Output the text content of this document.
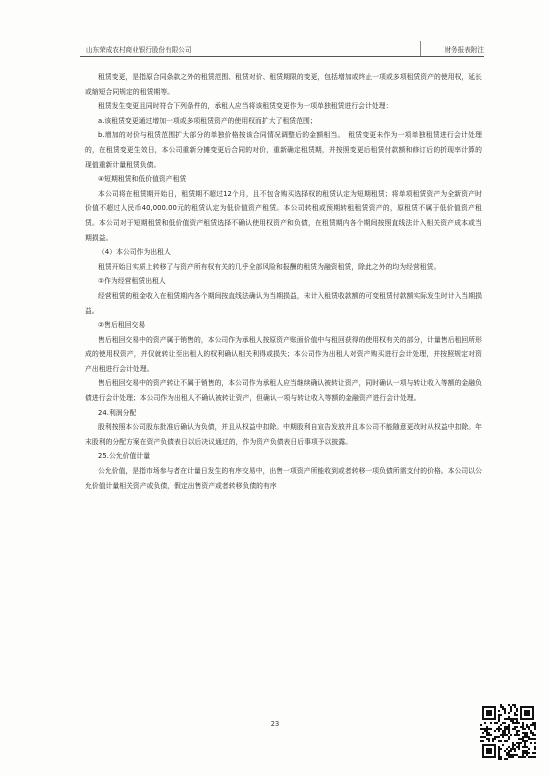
山东荣成农村商业银行股份有限公司	财务报表附注

租赁变更，是指原合同条款之外的租赁范围、租赁对价、租赁期限的变更，包括增加或终止一项或多项租赁资产的使用权，延长或缩短合同规定的租赁期等。

租赁发生变更且同时符合下列条件的，承租人应当将该租赁变更作为一项单独租赁进行会计处理：

a.该租赁变更通过增加一项或多项租赁资产的使用权而扩大了租赁范围；

b.增加的对价与租赁范围扩大部分的单独价格按该合同情况调整后的金额相当。　租赁变更未作为一项单独租赁进行会计处理的，在租赁变更生效日，本公司重新分摊变更后合同的对价，重新确定租赁期，并按照变更后租赁付款额和修订后的折现率计算的现值重新计量租赁负债。

④短期租赁和低价值资产租赁

本公司将在租赁期开始日，租赁期不超过12个月，且不包含购买选择权的租赁认定为短期租赁；将单项租赁资产为全新资产时价值不超过人民币40,000.00元的租赁认定为低价值资产租赁。本公司转租或预期转租租赁资产的，原租赁不属于低价值资产租赁。本公司对于短期租赁和低价值资产租赁选择不确认使用权资产和负债，在租赁期内各个期间按照直线法计入相关资产成本或当期损益。

（4）本公司作为出租人

租赁开始日实质上转移了与资产所有权有关的几乎全部风险和报酬的租赁为融资租赁，除此之外的均为经营租赁。

①作为经营租赁出租人

经营租赁的租金收入在租赁期内各个期间按直线法确认为当期损益，未计入租赁收款额的可变租赁付款额实际发生时计入当期损益。

②售后租回交易

售后租回交易中的资产属于销售的，本公司作为承租人按原资产账面价值中与租回获得的使用权有关的部分，计量售后租回所形成的使用权资产，并仅就转让至出租人的权利确认相关利得或损失；本公司作为出租人对资产购买进行会计处理，并按照规定对资产出租进行会计处理。

售后租回交易中的资产转让不属于销售的，本公司作为承租人应当继续确认被转让资产，同时确认一项与转让收入等额的金融负债进行会计处理；本公司作为出租人不确认被转让资产，但确认一项与转让收入等额的金融资产进行会计处理。

24.利润分配

股利按照本公司股东批准后确认为负债，并且从权益中扣除。中期股利自宣告发放并且本公司不能随意更改时从权益中扣除。年末股利的分配方案在资产负债表日以后决议通过的，作为资产负债表日后事项予以披露。

25.公允价值计量

公允价值，是指市场参与者在计量日发生的有序交易中，出售一项资产所能收到或者转移一项负债所需支付的价格。本公司以公允价值计量相关资产或负债，假定出售资产或者转移负债的有序

23
